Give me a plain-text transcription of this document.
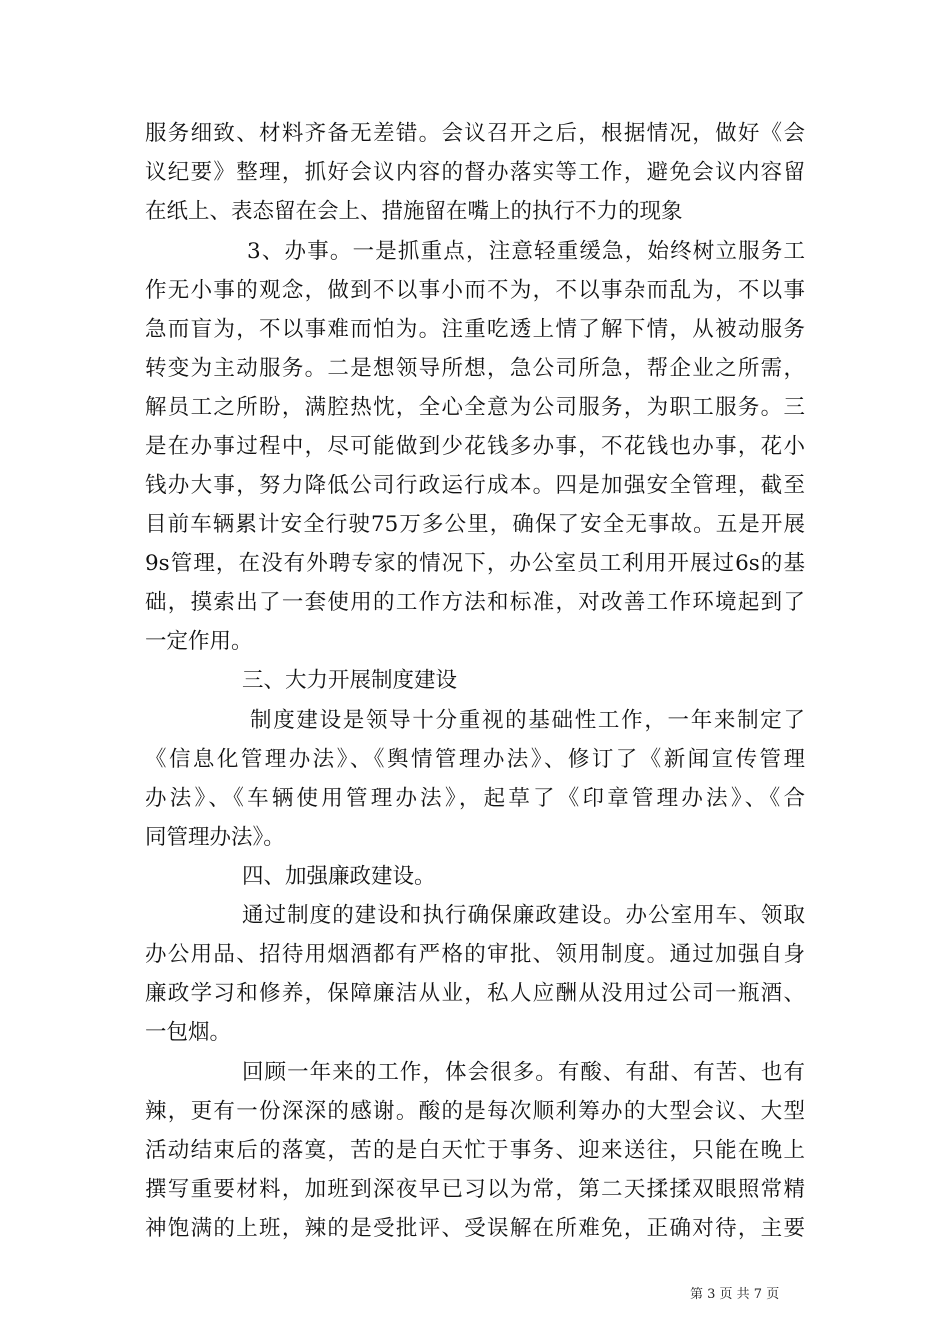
服务细致、材料齐备无差错。会议召开之后，根据情况，做好《会
议纪要》整理，抓好会议内容的督办落实等工作，避免会议内容留
在纸上、表态留在会上、措施留在嘴上的执行不力的现象
3、办事。一是抓重点，注意轻重缓急，始终树立服务工
作无小事的观念，做到不以事小而不为，不以事杂而乱为，不以事
急而盲为，不以事难而怕为。注重吃透上情了解下情，从被动服务
转变为主动服务。二是想领导所想，急公司所急，帮企业之所需，
解员工之所盼，满腔热忱，全心全意为公司服务，为职工服务。三
是在办事过程中，尽可能做到少花钱多办事，不花钱也办事，花小
钱办大事，努力降低公司行政运行成本。四是加强安全管理，截至
目前车辆累计安全行驶75万多公里，确保了安全无事故。五是开展
9s管理，在没有外聘专家的情况下，办公室员工利用开展过6s的基
础，摸索出了一套使用的工作方法和标准，对改善工作环境起到了
一定作用。
三、大力开展制度建设
制度建设是领导十分重视的基础性工作，一年来制定了
《信息化管理办法》、《舆情管理办法》、修订了《新闻宣传管理
办法》、《车辆使用管理办法》，起草了《印章管理办法》、《合
同管理办法》。
四、加强廉政建设。
通过制度的建设和执行确保廉政建设。办公室用车、领取
办公用品、招待用烟酒都有严格的审批、领用制度。通过加强自身
廉政学习和修养，保障廉洁从业，私人应酬从没用过公司一瓶酒、
一包烟。
回顾一年来的工作，体会很多。有酸、有甜、有苦、也有
辣，更有一份深深的感谢。酸的是每次顺利筹办的大型会议、大型
活动结束后的落寞，苦的是白天忙于事务、迎来送往，只能在晚上
撰写重要材料，加班到深夜早已习以为常，第二天揉揉双眼照常精
神饱满的上班，辣的是受批评、受误解在所难免，正确对待，主要
第 3 页 共 7 页
